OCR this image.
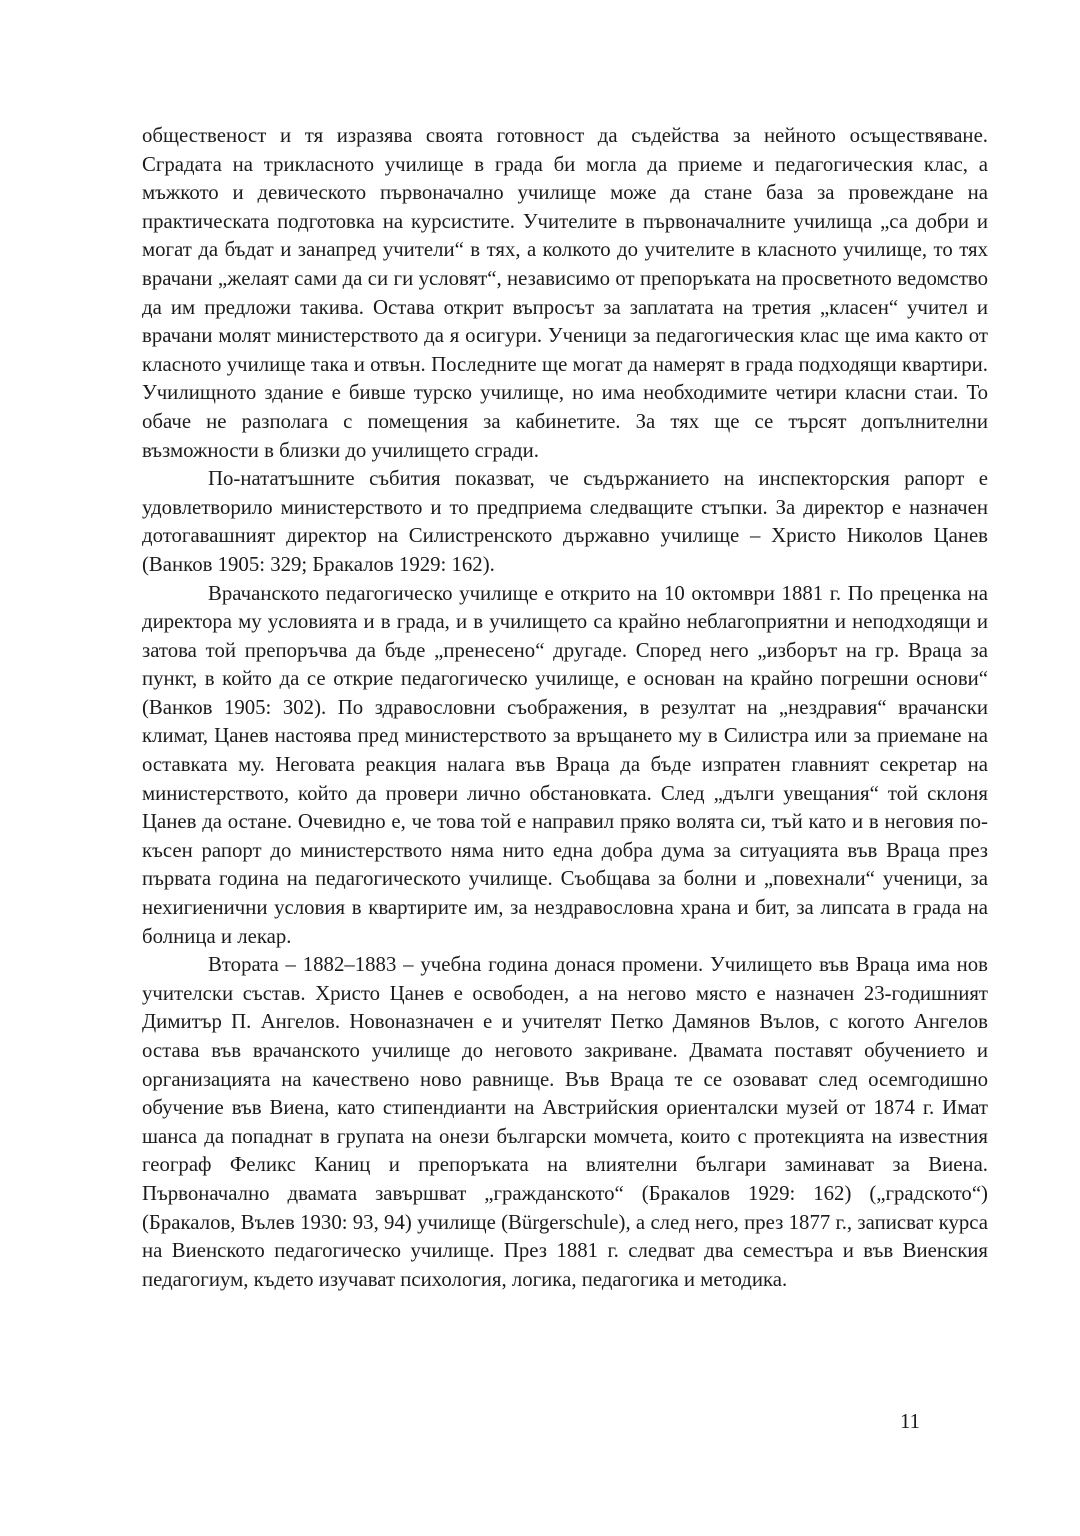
общественост и тя изразява своята готовност да съдейства за нейното осъществяване. Сградата на трикласното училище в града би могла да приеме и педагогическия клас, а мъжкото и девическото първоначално училище може да стане база за провеждане на практическата подготовка на курсистите. Учителите в първоначалните училища „са добри и могат да бъдат и занапред учители“ в тях, а колкото до учителите в класното училище, то тях врачани „желаят сами да си ги условят“, независимо от препоръката на просветното ведомство да им предложи такива. Остава открит въпросът за заплатата на третия „класен“ учител и врачани молят министерството да я осигури. Ученици за педагогическия клас ще има както от класното училище така и отвън. Последните ще могат да намерят в града подходящи квартири. Училищното здание е бивше турско училище, но има необходимите четири класни стаи. То обаче не разполага с помещения за кабинетите. За тях ще се търсят допълнителни възможности в близки до училището сгради.

По-нататъшните събития показват, че съдържанието на инспекторския рапорт е удовлетворило министерството и то предприема следващите стъпки. За директор е назначен дотогавашният директор на Силистренското държавно училище – Христо Николов Цанев (Ванков 1905: 329; Бракалов 1929: 162).

Врачанското педагогическо училище е открито на 10 октомври 1881 г. По преценка на директора му условията и в града, и в училището са крайно неблагоприятни и неподходящи и затова той препоръчва да бъде „пренесено“ другаде. Според него „изборът на гр. Враца за пункт, в който да се открие педагогическо училище, е основан на крайно погрешни основи“ (Ванков 1905: 302). По здравословни съображения, в резултат на „нездравия“ врачански климат, Цанев настоява пред министерството за връщането му в Силистра или за приемане на оставката му. Неговата реакция налага във Враца да бъде изпратен главният секретар на министерството, който да провери лично обстановката. След „дълги увещания“ той склоня Цанев да остане. Очевидно е, че това той е направил пряко волята си, тъй като и в неговия по-късен рапорт до министерството няма нито една добра дума за ситуацията във Враца през първата година на педагогическото училище. Съобщава за болни и „повехнали“ ученици, за нехигиенични условия в квартирите им, за нездравословна храна и бит, за липсата в града на болница и лекар.

Втората – 1882–1883 – учебна година донася промени. Училището във Враца има нов учителски състав. Христо Цанев е освободен, а на негово място е назначен 23-годишният Димитър П. Ангелов. Новоназначен е и учителят Петко Дамянов Вълов, с когото Ангелов остава във врачанското училище до неговото закриване. Двамата поставят обучението и организацията на качествено ново равнище. Във Враца те се озовават след осемгодишно обучение във Виена, като стипендианти на Австрийския ориенталски музей от 1874 г. Имат шанса да попаднат в групата на онези български момчета, които с протекцията на известния географ Феликс Каниц и препоръката на влиятелни българи заминават за Виена. Първоначално двамата завършват „гражданското“ (Бракалов 1929: 162) („градското“) (Бракалов, Вълев 1930: 93, 94) училище (Bürgerschule), а след него, през 1877 г., записват курса на Виенското педагогическо училище. През 1881 г. следват два семестъра и във Виенския педагогиум, където изучават психология, логика, педагогика и методика.

11
